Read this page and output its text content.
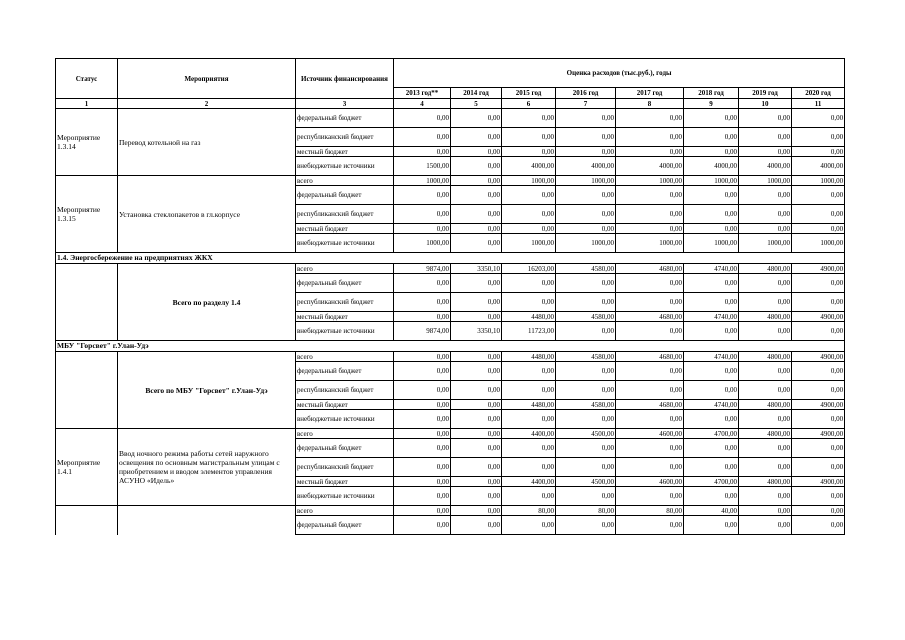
Статус	Мероприятия	Источник финансирования	Оценка расходов (тыс.руб.), годы							
			2013 год**	2014 год	2015 год	2016 год	2017 год	2018 год	2019 год	2020 год
1	2	3	4	5	6	7	8	9	10	11
Мероприятие 1.3.14	Перевод котельной на газ	федеральный бюджет	0,00	0,00	0,00	0,00	0,00	0,00	0,00	0,00
		республиканский бюджет	0,00	0,00	0,00	0,00	0,00	0,00	0,00	0,00
		местный бюджет	0,00	0,00	0,00	0,00	0,00	0,00	0,00	0,00
		внебюджетные источники	1500,00	0,00	4000,00	4000,00	4000,00	4000,00	4000,00	4000,00
Мероприятие 1.3.15	Установка стеклопакетов в гл.корпусе	всего	1000,00	0,00	1000,00	1000,00	1000,00	1000,00	1000,00	1000,00
		федеральный бюджет	0,00	0,00	0,00	0,00	0,00	0,00	0,00	0,00
		республиканский бюджет	0,00	0,00	0,00	0,00	0,00	0,00	0,00	0,00
		местный бюджет	0,00	0,00	0,00	0,00	0,00	0,00	0,00	0,00
		внебюджетные источники	1000,00	0,00	1000,00	1000,00	1000,00	1000,00	1000,00	1000,00
1.4. Энергосбережение на предприятиях ЖКХ										
	Всего по разделу 1.4	всего	9874,00	3350,10	16203,00	4580,00	4680,00	4740,00	4800,00	4900,00
		федеральный бюджет	0,00	0,00	0,00	0,00	0,00	0,00	0,00	0,00
		республиканский бюджет	0,00	0,00	0,00	0,00	0,00	0,00	0,00	0,00
		местный бюджет	0,00	0,00	4480,00	4580,00	4680,00	4740,00	4800,00	4900,00
		внебюджетные источники	9874,00	3350,10	11723,00	0,00	0,00	0,00	0,00	0,00
МБУ "Горсвет" г.Улан-Удэ										
	Всего по МБУ "Горсвет" г.Улан-Удэ	всего	0,00	0,00	4480,00	4580,00	4680,00	4740,00	4800,00	4900,00
		федеральный бюджет	0,00	0,00	0,00	0,00	0,00	0,00	0,00	0,00
		республиканский бюджет	0,00	0,00	0,00	0,00	0,00	0,00	0,00	0,00
		местный бюджет	0,00	0,00	4480,00	4580,00	4680,00	4740,00	4800,00	4900,00
		внебюджетные источники	0,00	0,00	0,00	0,00	0,00	0,00	0,00	0,00
Мероприятие 1.4.1	Ввод ночного режима работы сетей наружного освещения по основным магистральным улицам с приобретением и вводом элементов управления АСУНО «Идель»	всего	0,00	0,00	4400,00	4500,00	4600,00	4700,00	4800,00	4900,00
		федеральный бюджет	0,00	0,00	0,00	0,00	0,00	0,00	0,00	0,00
		республиканский бюджет	0,00	0,00	0,00	0,00	0,00	0,00	0,00	0,00
		местный бюджет	0,00	0,00	4400,00	4500,00	4600,00	4700,00	4800,00	4900,00
		внебюджетные источники	0,00	0,00	0,00	0,00	0,00	0,00	0,00	0,00
		всего	0,00	0,00	80,00	80,00	80,00	40,00	0,00	0,00
		федеральный бюджет	0,00	0,00	0,00	0,00	0,00	0,00	0,00	0,00
